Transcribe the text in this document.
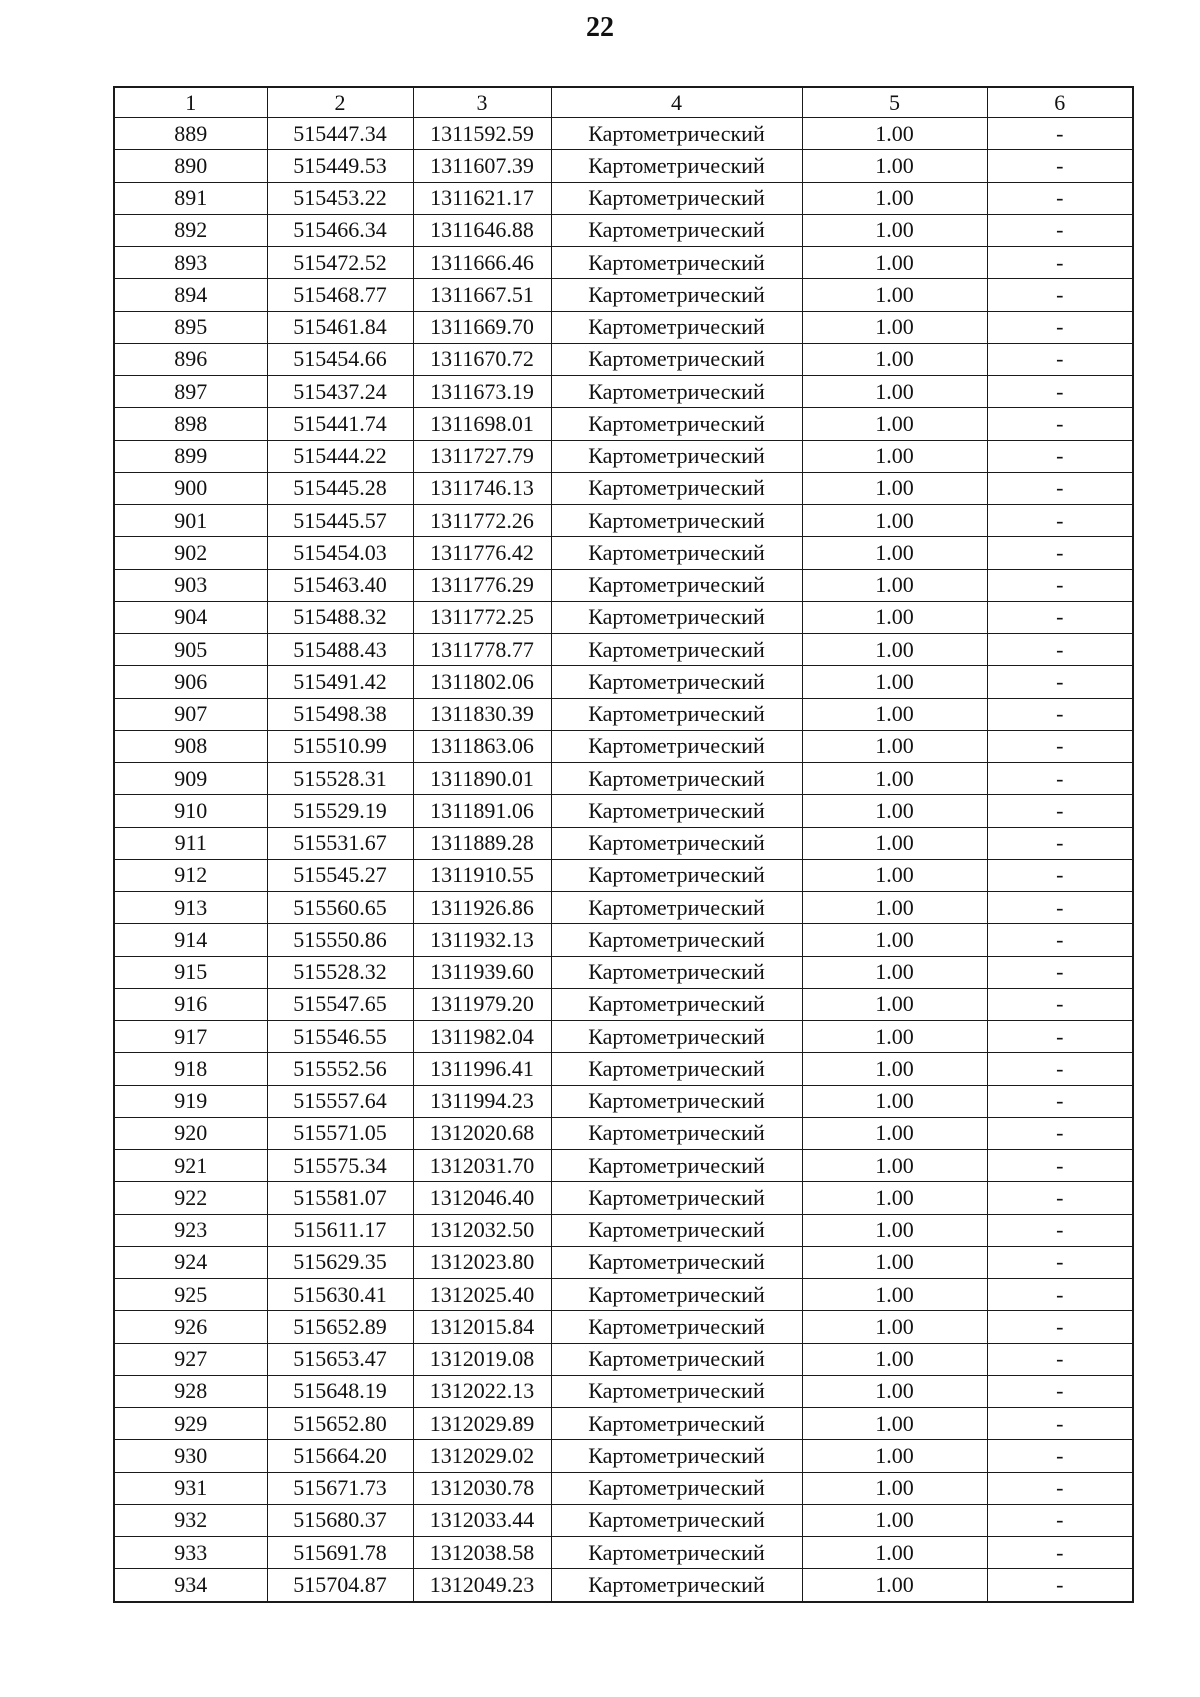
22
1	2	3	4	5	6
889	515447.34	1311592.59	Картометрический	1.00	-
890	515449.53	1311607.39	Картометрический	1.00	-
891	515453.22	1311621.17	Картометрический	1.00	-
892	515466.34	1311646.88	Картометрический	1.00	-
893	515472.52	1311666.46	Картометрический	1.00	-
894	515468.77	1311667.51	Картометрический	1.00	-
895	515461.84	1311669.70	Картометрический	1.00	-
896	515454.66	1311670.72	Картометрический	1.00	-
897	515437.24	1311673.19	Картометрический	1.00	-
898	515441.74	1311698.01	Картометрический	1.00	-
899	515444.22	1311727.79	Картометрический	1.00	-
900	515445.28	1311746.13	Картометрический	1.00	-
901	515445.57	1311772.26	Картометрический	1.00	-
902	515454.03	1311776.42	Картометрический	1.00	-
903	515463.40	1311776.29	Картометрический	1.00	-
904	515488.32	1311772.25	Картометрический	1.00	-
905	515488.43	1311778.77	Картометрический	1.00	-
906	515491.42	1311802.06	Картометрический	1.00	-
907	515498.38	1311830.39	Картометрический	1.00	-
908	515510.99	1311863.06	Картометрический	1.00	-
909	515528.31	1311890.01	Картометрический	1.00	-
910	515529.19	1311891.06	Картометрический	1.00	-
911	515531.67	1311889.28	Картометрический	1.00	-
912	515545.27	1311910.55	Картометрический	1.00	-
913	515560.65	1311926.86	Картометрический	1.00	-
914	515550.86	1311932.13	Картометрический	1.00	-
915	515528.32	1311939.60	Картометрический	1.00	-
916	515547.65	1311979.20	Картометрический	1.00	-
917	515546.55	1311982.04	Картометрический	1.00	-
918	515552.56	1311996.41	Картометрический	1.00	-
919	515557.64	1311994.23	Картометрический	1.00	-
920	515571.05	1312020.68	Картометрический	1.00	-
921	515575.34	1312031.70	Картометрический	1.00	-
922	515581.07	1312046.40	Картометрический	1.00	-
923	515611.17	1312032.50	Картометрический	1.00	-
924	515629.35	1312023.80	Картометрический	1.00	-
925	515630.41	1312025.40	Картометрический	1.00	-
926	515652.89	1312015.84	Картометрический	1.00	-
927	515653.47	1312019.08	Картометрический	1.00	-
928	515648.19	1312022.13	Картометрический	1.00	-
929	515652.80	1312029.89	Картометрический	1.00	-
930	515664.20	1312029.02	Картометрический	1.00	-
931	515671.73	1312030.78	Картометрический	1.00	-
932	515680.37	1312033.44	Картометрический	1.00	-
933	515691.78	1312038.58	Картометрический	1.00	-
934	515704.87	1312049.23	Картометрический	1.00	-
